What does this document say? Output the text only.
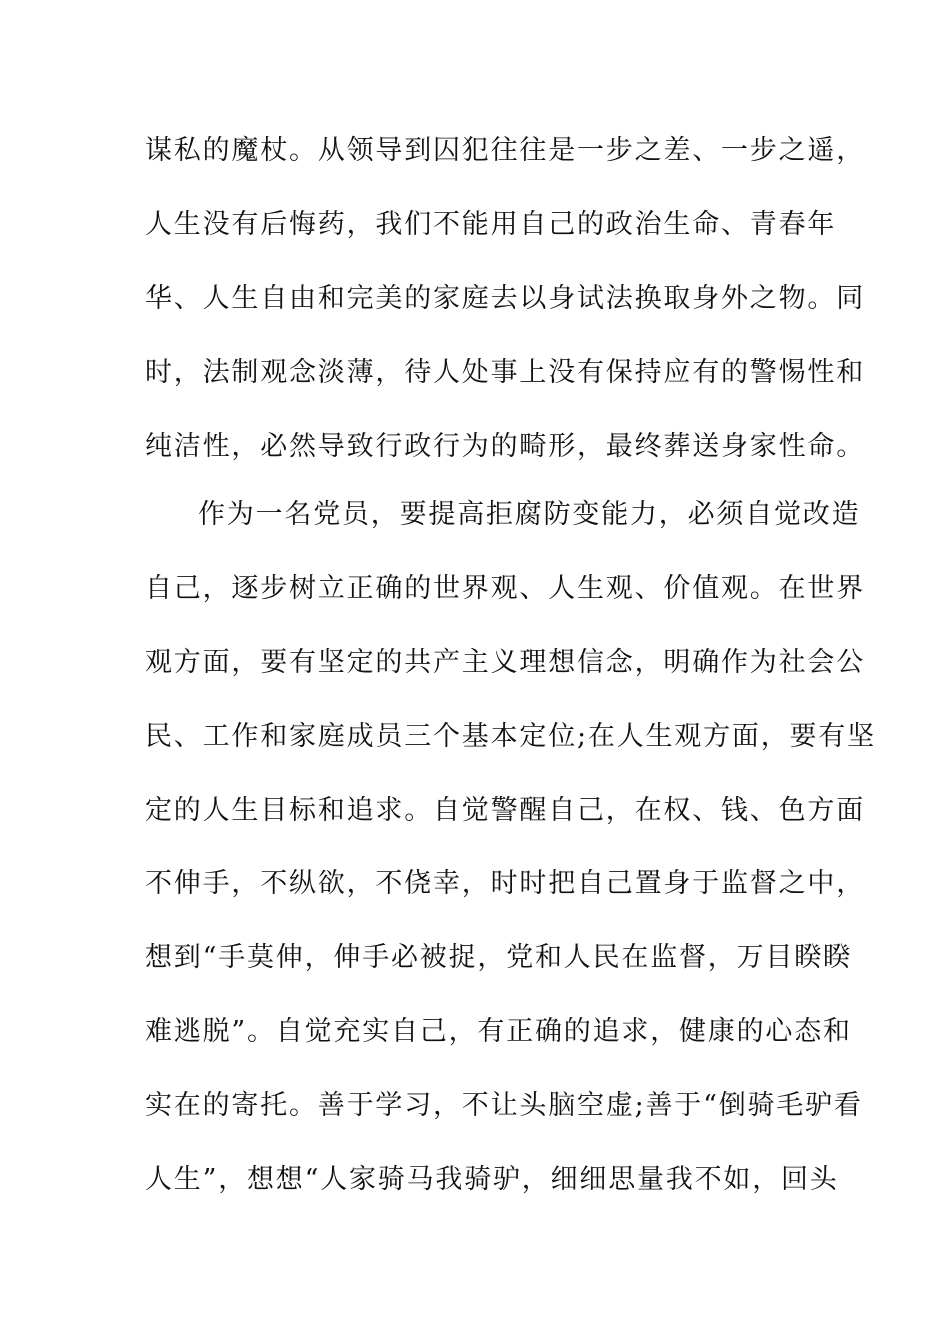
谋私的魔杖。从领导到囚犯往往是一步之差、一步之遥，
人生没有后悔药，我们不能用自己的政治生命、青春年
华、人生自由和完美的家庭去以身试法换取身外之物。同
时，法制观念淡薄，待人处事上没有保持应有的警惕性和
纯洁性，必然导致行政行为的畸形，最终葬送身家性命。
作为一名党员，要提高拒腐防变能力，必须自觉改造
自己，逐步树立正确的世界观、人生观、价值观。在世界
观方面，要有坚定的共产主义理想信念，明确作为社会公
民、工作和家庭成员三个基本定位;在人生观方面，要有坚
定的人生目标和追求。自觉警醒自己，在权、钱、色方面
不伸手，不纵欲，不侥幸，时时把自己置身于监督之中，
想到“手莫伸，伸手必被捉，党和人民在监督，万目睽睽
难逃脱”。自觉充实自己，有正确的追求，健康的心态和
实在的寄托。善于学习，不让头脑空虚;善于“倒骑毛驴看
人生”，想想“人家骑马我骑驴，细细思量我不如，回头
